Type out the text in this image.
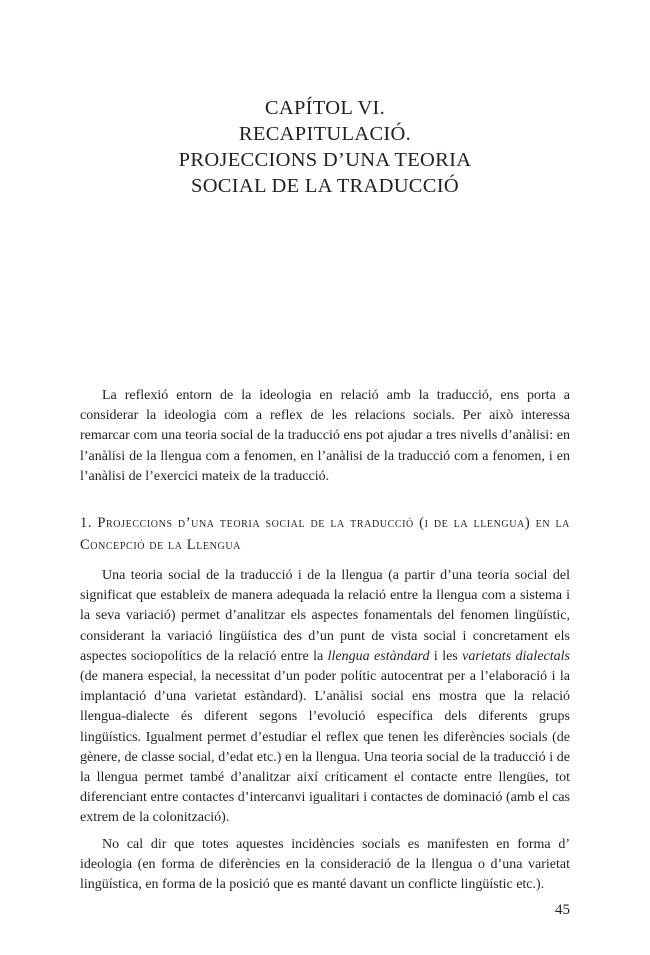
CAPÍTOL VI.
RECAPITULACIÓ.
PROJECCIONS D’UNA TEORIA
SOCIAL DE LA TRADUCCIÓ

La reflexió entorn de la ideologia en relació amb la traducció, ens porta a considerar la ideologia com a reflex de les relacions socials. Per això interessa remarcar com una teoria social de la traducció ens pot ajudar a tres nivells d’anàlisi: en l’anàlisi de la llengua com a fenomen, en l’anàlisi de la traducció com a fenomen, i en l’anàlisi de l’exercici mateix de la traducció.

1. Projeccions d’una teoria social de la traducció (i de la llengua) en la Concepció de la Llengua

Una teoria social de la traducció i de la llengua (a partir d’una teoria social del significat que estableix de manera adequada la relació entre la llengua com a sistema i la seva variació) permet d’analitzar els aspectes fonamentals del fenomen lingüístic, considerant la variació lingüística des d’un punt de vista social i concretament els aspectes sociopolítics de la relació entre la llengua estàndard i les varietats dialectals (de manera especial, la necessitat d’un poder polític autocentrat per a l’elaboració i la implantació d’una varietat estàndard). L’anàlisi social ens mostra que la relació llengua-dialecte és diferent segons l’evolució específica dels diferents grups lingüístics. Igualment permet d’estudiar el reflex que tenen les diferències socials (de gènere, de classe social, d’edat etc.) en la llengua. Una teoria social de la traducció i de la llengua permet també d’analitzar així críticament el contacte entre llengües, tot diferenciant entre contactes d’intercanvi igualitari i contactes de dominació (amb el cas extrem de la colonització).

No cal dir que totes aquestes incidències socials es manifesten en forma d’ ideologia (en forma de diferències en la consideració de la llengua o d’una varietat lingüística, en forma de la posició que es manté davant un conflicte lingüístic etc.).

45
